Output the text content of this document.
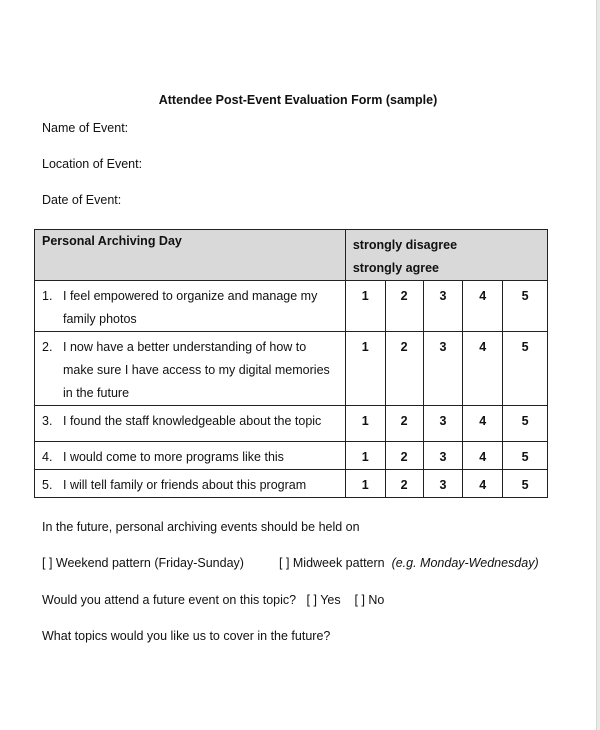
Attendee Post-Event Evaluation Form (sample)
Name of Event:
Location of Event:
Date of Event:
Personal Archiving Day	strongly disagree
strongly agree				

1. I feel empowered to organize and manage my family photos	1	2	3	4	5
2. I now have a better understanding of how to make sure I have access to my digital memories in the future	1	2	3	4	5
3. I found the staff knowledgeable about the topic	1	2	3	4	5
4. I would come to more programs like this	1	2	3	4	5
5. I will tell family or friends about this program	1	2	3	4	5
In the future, personal archiving events should be held on
[ ] Weekend pattern (Friday-Sunday)	[ ] Midweek pattern (e.g. Monday-Wednesday)
Would you attend a future event on this topic? [ ] Yes [ ] No
What topics would you like us to cover in the future?
